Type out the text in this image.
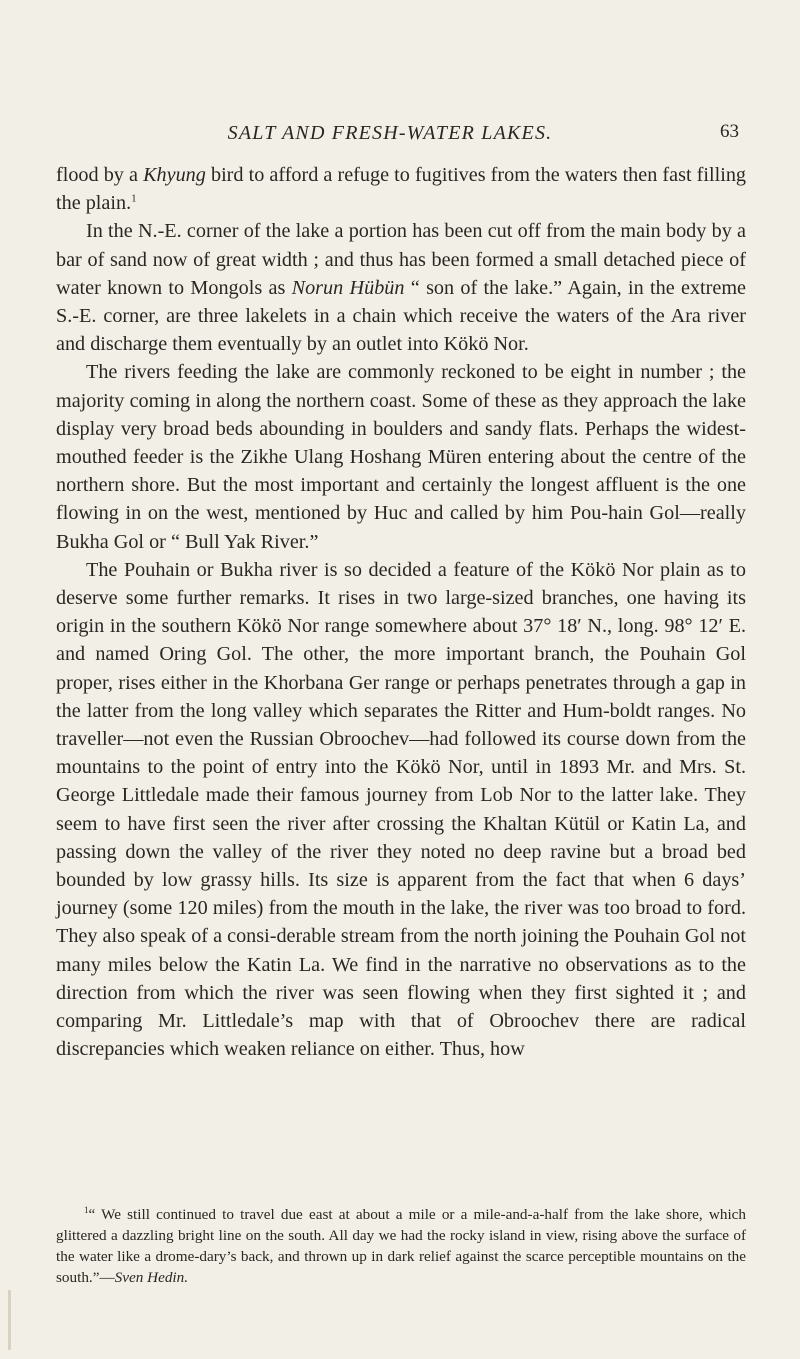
SALT AND FRESH-WATER LAKES.	63

flood by a Khyung bird to afford a refuge to fugitives from the waters then fast filling the plain.$^1$

In the N.-E. corner of the lake a portion has been cut off from the main body by a bar of sand now of great width ; and thus has been formed a small detached piece of water known to Mongols as Norun Hübün “ son of the lake.” Again, in the extreme S.-E. corner, are three lakelets in a chain which receive the waters of the Ara river and discharge them eventually by an outlet into Kökö Nor.

The rivers feeding the lake are commonly reckoned to be eight in number ; the majority coming in along the northern coast. Some of these as they approach the lake display very broad beds abounding in boulders and sandy flats. Perhaps the widest-mouthed feeder is the Zikhe Ulang Hoshang Müren entering about the centre of the northern shore. But the most important and certainly the longest affluent is the one flowing in on the west, mentioned by Huc and called by him Pou-hain Gol—really Bukha Gol or “ Bull Yak River.”

The Pouhain or Bukha river is so decided a feature of the Kökö Nor plain as to deserve some further remarks. It rises in two large-sized branches, one having its origin in the southern Kökö Nor range somewhere about 37° 18′ N., long. 98° 12′ E. and named Oring Gol. The other, the more important branch, the Pouhain Gol proper, rises either in the Khorbana Ger range or perhaps penetrates through a gap in the latter from the long valley which separates the Ritter and Hum-boldt ranges. No traveller—not even the Russian Obroochev—had followed its course down from the mountains to the point of entry into the Kökö Nor, until in 1893 Mr. and Mrs. St. George Littledale made their famous journey from Lob Nor to the latter lake. They seem to have first seen the river after crossing the Khaltan Kütül or Katin La, and passing down the valley of the river they noted no deep ravine but a broad bed bounded by low grassy hills. Its size is apparent from the fact that when 6 days’ journey (some 120 miles) from the mouth in the lake, the river was too broad to ford. They also speak of a consi-derable stream from the north joining the Pouhain Gol not many miles below the Katin La. We find in the narrative no observations as to the direction from which the river was seen flowing when they first sighted it ; and comparing Mr. Littledale’s map with that of Obroochev there are radical discrepancies which weaken reliance on either. Thus, how

$^1$“ We still continued to travel due east at about a mile or a mile-and-a-half from the lake shore, which glittered a dazzling bright line on the south. All day we had the rocky island in view, rising above the surface of the water like a drome-dary’s back, and thrown up in dark relief against the scarce perceptible mountains on the south.”—Sven Hedin.
